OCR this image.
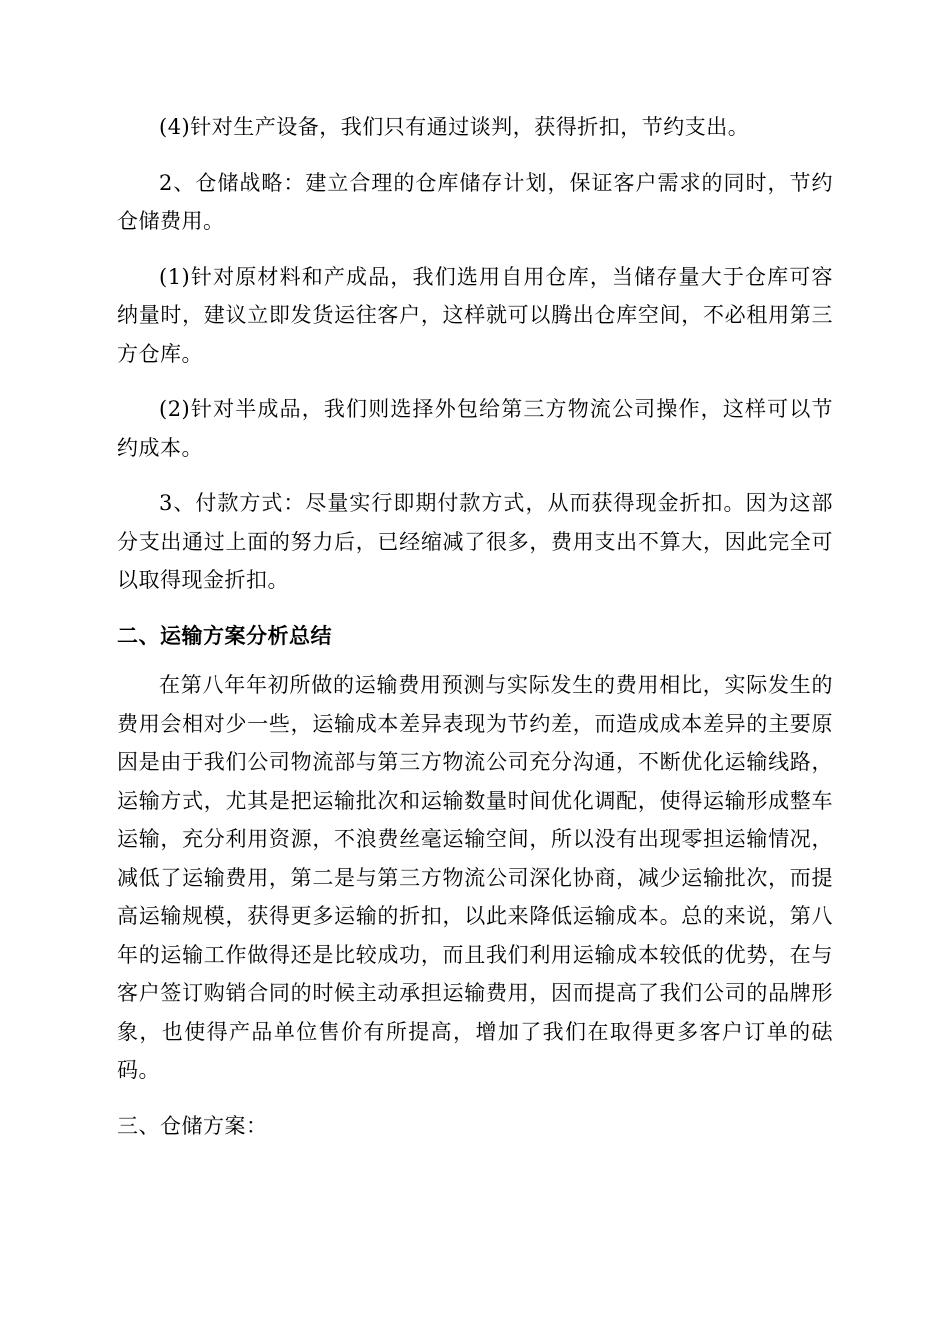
(4)针对生产设备，我们只有通过谈判，获得折扣，节约支出。

2、仓储战略：建立合理的仓库储存计划，保证客户需求的同时，节约仓储费用。

(1)针对原材料和产成品，我们选用自用仓库，当储存量大于仓库可容纳量时，建议立即发货运往客户，这样就可以腾出仓库空间，不必租用第三方仓库。

(2)针对半成品，我们则选择外包给第三方物流公司操作，这样可以节约成本。

3、付款方式：尽量实行即期付款方式，从而获得现金折扣。因为这部分支出通过上面的努力后，已经缩减了很多，费用支出不算大，因此完全可以取得现金折扣。

二、运输方案分析总结

在第八年年初所做的运输费用预测与实际发生的费用相比，实际发生的费用会相对少一些，运输成本差异表现为节约差，而造成成本差异的主要原因是由于我们公司物流部与第三方物流公司充分沟通，不断优化运输线路，运输方式，尤其是把运输批次和运输数量时间优化调配，使得运输形成整车运输，充分利用资源，不浪费丝毫运输空间，所以没有出现零担运输情况，减低了运输费用，第二是与第三方物流公司深化协商，减少运输批次，而提高运输规模，获得更多运输的折扣，以此来降低运输成本。总的来说，第八年的运输工作做得还是比较成功，而且我们利用运输成本较低的优势，在与客户签订购销合同的时候主动承担运输费用，因而提高了我们公司的品牌形象，也使得产品单位售价有所提高，增加了我们在取得更多客户订单的砝码。

三、仓储方案：
